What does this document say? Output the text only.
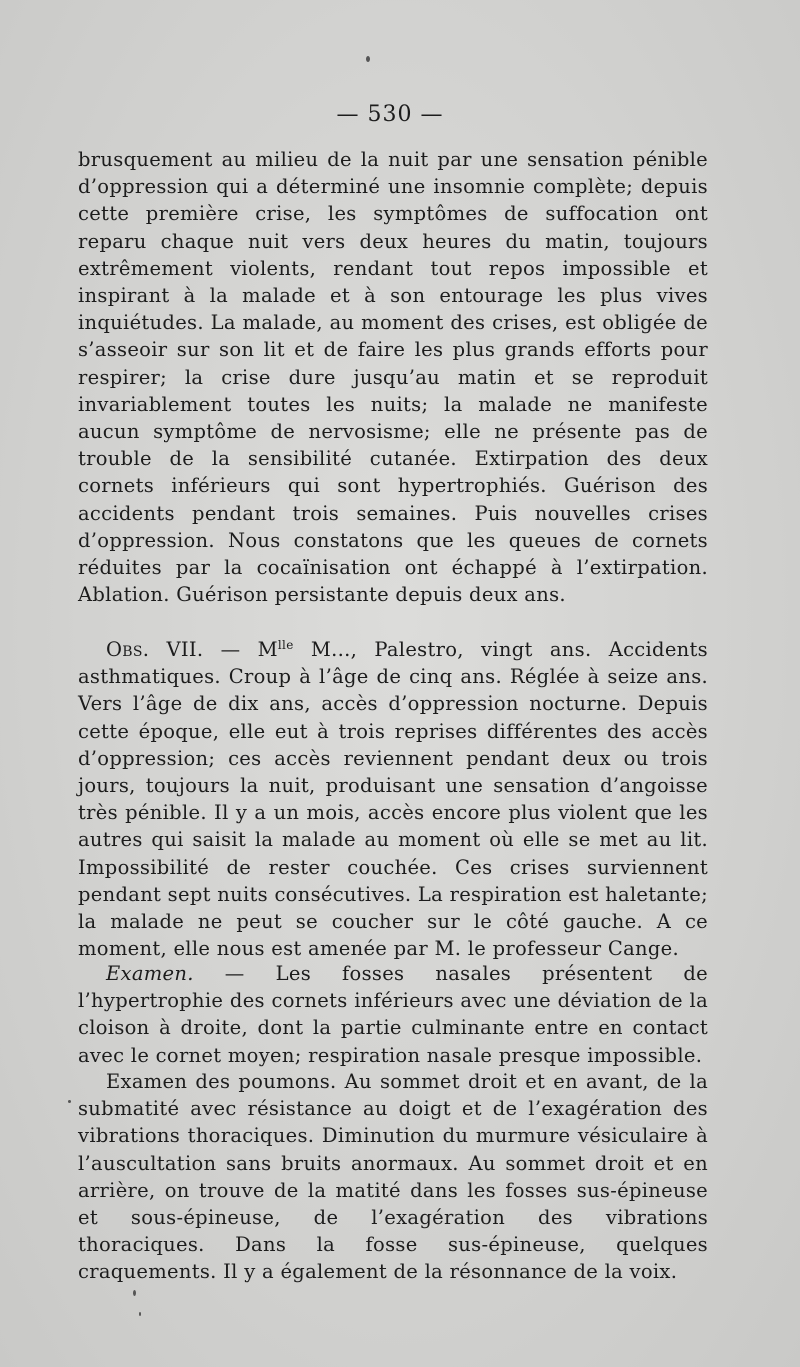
— 530 —

brusquement au milieu de la nuit par une sensation pénible d’oppression qui a déterminé une insomnie complète; depuis cette première crise, les symptômes de suffocation ont reparu chaque nuit vers deux heures du matin, toujours extrêmement violents, rendant tout repos impossible et inspirant à la malade et à son entourage les plus vives inquiétudes. La malade, au moment des crises, est obligée de s’asseoir sur son lit et de faire les plus grands efforts pour respirer; la crise dure jusqu’au matin et se reproduit invariablement toutes les nuits; la malade ne manifeste aucun symptôme de nervosisme; elle ne présente pas de trouble de la sensibilité cutanée. Extirpation des deux cornets inférieurs qui sont hypertrophiés. Guérison des accidents pendant trois semaines. Puis nouvelles crises d’oppression. Nous constatons que les queues de cornets réduites par la cocaïnisation ont échappé à l’extirpation. Ablation. Guérison persistante depuis deux ans.

Obs. VII. — $M^{lle}$ M..., Palestro, vingt ans. Accidents asthmatiques. Croup à l’âge de cinq ans. Réglée à seize ans. Vers l’âge de dix ans, accès d’oppression nocturne. Depuis cette époque, elle eut à trois reprises différentes des accès d’oppression; ces accès reviennent pendant deux ou trois jours, toujours la nuit, produisant une sensation d’angoisse très pénible. Il y a un mois, accès encore plus violent que les autres qui saisit la malade au moment où elle se met au lit. Impossibilité de rester couchée. Ces crises surviennent pendant sept nuits consécutives. La respiration est haletante; la malade ne peut se coucher sur le côté gauche. A ce moment, elle nous est amenée par M. le professeur Cange.

Examen. — Les fosses nasales présentent de l’hypertrophie des cornets inférieurs avec une déviation de la cloison à droite, dont la partie culminante entre en contact avec le cornet moyen; respiration nasale presque impossible.

Examen des poumons. Au sommet droit et en avant, de la submatité avec résistance au doigt et de l’exagération des vibrations thoraciques. Diminution du murmure vésiculaire à l’auscultation sans bruits anormaux. Au sommet droit et en arrière, on trouve de la matité dans les fosses sus-épineuse et sous-épineuse, de l’exagération des vibrations thoraciques. Dans la fosse sus-épineuse, quelques craquements. Il y a également de la résonnance de la voix.
